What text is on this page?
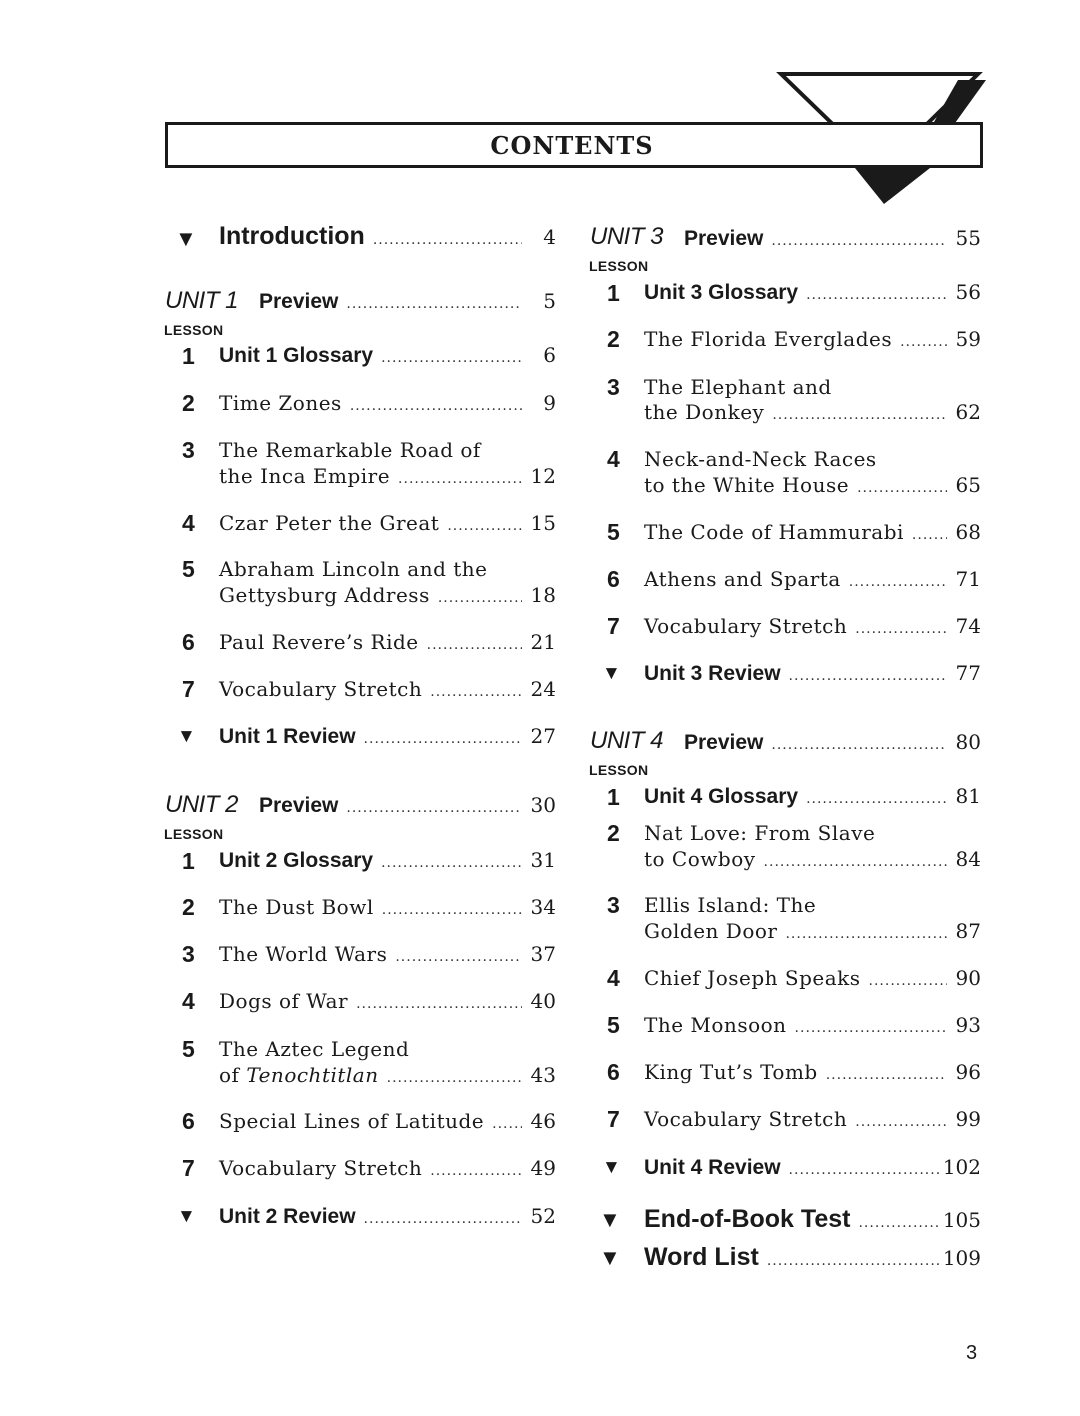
CONTENTS
▼ Introduction .....	4
UNIT 1 Preview .....	5
LESSON
1 Unit 1 Glossary .....	6
2 Time Zones .....	9
3 The Remarkable Road of
the Inca Empire .....	12
4 Czar Peter the Great .....	15
5 Abraham Lincoln and the
Gettysburg Address .....	18
6 Paul Revere’s Ride .....	21
7 Vocabulary Stretch .....	24
▼ Unit 1 Review .....	27
UNIT 2 Preview .....	30
LESSON
1 Unit 2 Glossary .....	31
2 The Dust Bowl .....	34
3 The World Wars .....	37
4 Dogs of War .....	40
5 The Aztec Legend
of Tenochtitlan .....	43
6 Special Lines of Latitude ..... 46
7 Vocabulary Stretch .....	49
▼ Unit 2 Review .....	52
UNIT 3 Preview .....	55
LESSON
1 Unit 3 Glossary .....	56
2 The Florida Everglades .....	59
3 The Elephant and
the Donkey .....	62
4 Neck-and-Neck Races
to the White House .....	65
5 The Code of Hammurabi .....	68
6 Athens and Sparta .....	71
7 Vocabulary Stretch .....	74
▼ Unit 3 Review .....	77
UNIT 4 Preview .....	80
LESSON
1 Unit 4 Glossary .....	81
2 Nat Love: From Slave
to Cowboy .....	84
3 Ellis Island: The
Golden Door .....	87
4 Chief Joseph Speaks .....	90
5 The Monsoon .....	93
6 King Tut’s Tomb .....	96
7 Vocabulary Stretch .....	99
▼ Unit 4 Review .....	102
▼ End-of-Book Test .....	105
▼ Word List .....	109
3
